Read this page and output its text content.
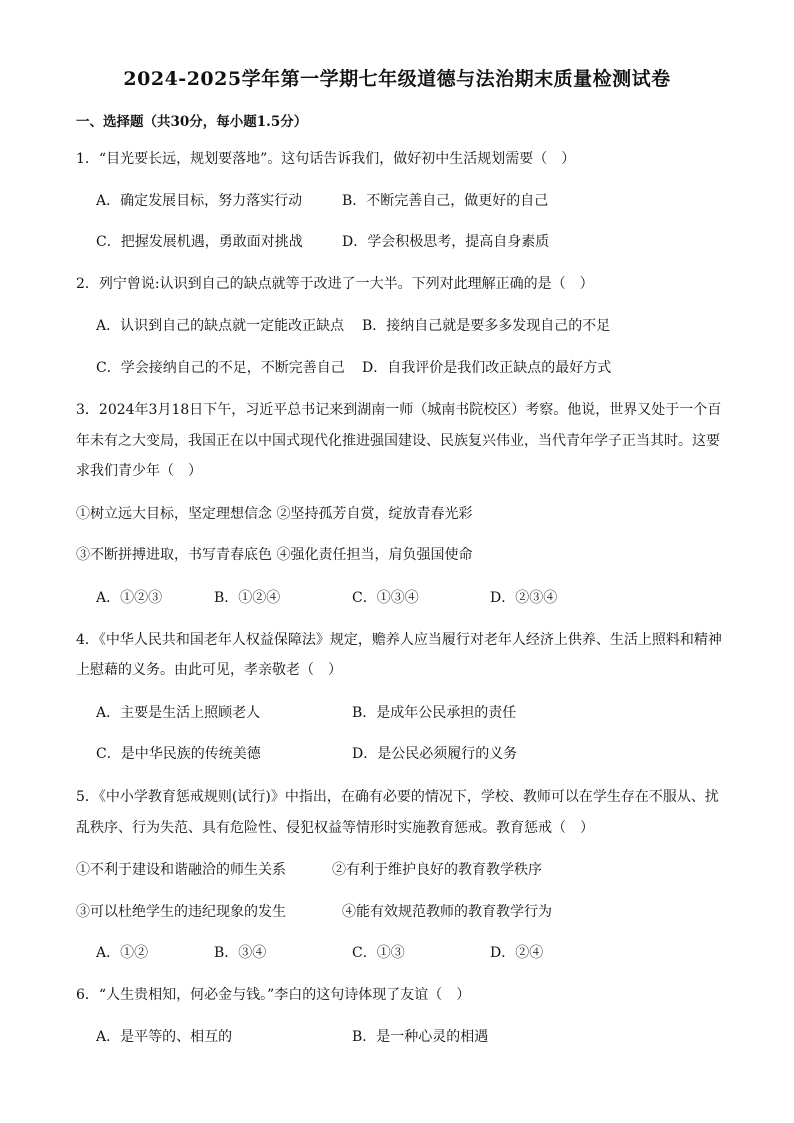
2024-2025学年第一学期七年级道德与法治期末质量检测试卷
一、选择题（共30分，每小题1.5分）
1．“目光要长远，规划要落地”。这句话告诉我们，做好初中生活规划需要（　）
A．确定发展目标，努力落实行动	B．不断完善自己，做更好的自己
C．把握发展机遇，勇敢面对挑战	D．学会积极思考，提高自身素质
2．列宁曾说:认识到自己的缺点就等于改进了一大半。下列对此理解正确的是（　）
A．认识到自己的缺点就一定能改正缺点 B．接纳自己就是要多多发现自己的不足
C．学会接纳自己的不足，不断完善自己 D．自我评价是我们改正缺点的最好方式
3．2024年3月18日下午，习近平总书记来到湖南一师（城南书院校区）考察。他说，世界又处于一个百
年未有之大变局，我国正在以中国式现代化推进强国建设、民族复兴伟业，当代青年学子正当其时。这要
求我们青少年（　）
①树立远大目标，坚定理想信念 ②坚持孤芳自赏，绽放青春光彩
③不断拼搏进取，书写青春底色 ④强化责任担当，肩负强国使命
A．①②③	B．①②④	C．①③④	D．②③④
4．《中华人民共和国老年人权益保障法》规定，赡养人应当履行对老年人经济上供养、生活上照料和精神
上慰藉的义务。由此可见，孝亲敬老（　）
A．主要是生活上照顾老人	B．是成年公民承担的责任
C．是中华民族的传统美德	D．是公民必须履行的义务
5．《中小学教育惩戒规则(试行)》中指出，在确有必要的情况下，学校、教师可以在学生存在不服从、扰
乱秩序、行为失范、具有危险性、侵犯权益等情形时实施教育惩戒。教育惩戒（　）
①不利于建设和谐融洽的师生关系	②有利于维护良好的教育教学秩序
③可以杜绝学生的违纪现象的发生	④能有效规范教师的教育教学行为
A．①②	B．③④	C．①③	D．②④
6．“人生贵相知，何必金与钱。”李白的这句诗体现了友谊（　）
A．是平等的、相互的	B．是一种心灵的相遇
